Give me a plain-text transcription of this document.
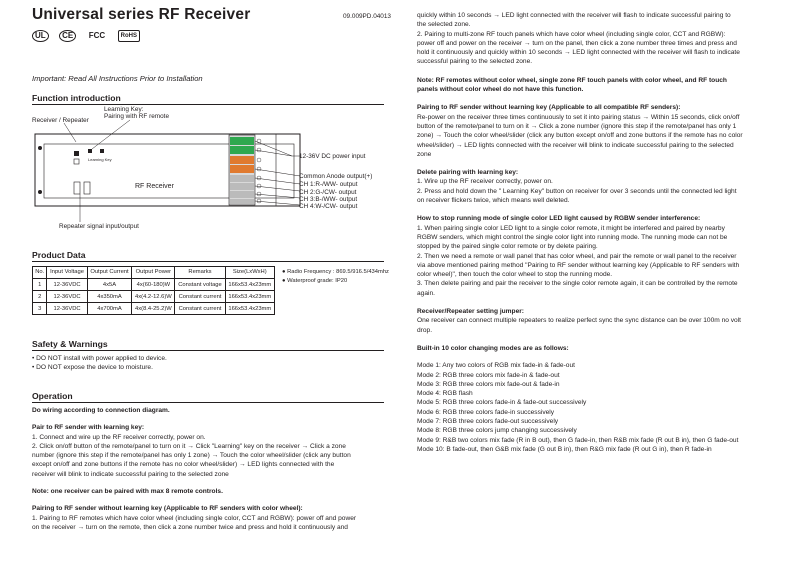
Universal series RF Receiver	09.009PD.04013
UL CE FCC	RoHS
Important: Read All Instructions Prior to Installation
Function introduction
Receiver / Repeater
Learning Key:
Pairing with RF remote
Learning Key
RF Receiver
12-36V DC power input
Common Anode output(+)
CH 1:R-/WW- output
CH 2:G-/CW- output
CH 3:B-/WW- output
CH 4:W-/CW- output
Repeater signal input/output
Product Data
No.	Input Voltage	Output Current	Output Power	Remarks	Size(LxWxH)
1	12-36VDC	4x5A	4x(60-180)W	Constant voltage	166x53.4x23mm
2	12-36VDC	4x350mA	4x(4.2-12.6)W	Constant current	166x53.4x23mm
3	12-36VDC	4x700mA	4x(8.4-25.2)W	Constant current	166x53.4x23mm
● Radio Frequency : 869.5/916.5/434mhz
● Waterproof grade: IP20
Safety & Warnings

• DO NOT install with power applied to device.

• DO NOT expose the device to moisture.

Operation

Do wiring according to connection diagram.

Pair to RF sender with learning key:

1. Connect and wire up the RF receiver correctly, power on.

2. Click on/off button of the remote/panel to turn on it → Click "Learning" key on the receiver → Click a zone

number (ignore this step if the remote/panel has only 1 zone) → Touch the color wheel/slider (click any button

except on/off and zone buttons if the remote has no color wheel/slider) → LED lights connected with the

receiver will blink to indicate successful pairing to the selected zone

Note: one receiver can be paired with max 8 remote controls.

Pairing to RF sender without learning key (Applicable to RF senders with color wheel):

1. Pairing to RF remotes which have color wheel (including single color, CCT and RGBW): power off and power

on the receiver → turn on the remote, then click a zone number twice and press and hold it continuously and

quickly within 10 seconds → LED light connected with the receiver will flash to indicate successful pairing to

the selected zone.

2. Pairing to multi-zone RF touch panels which have color wheel (including single color, CCT and RGBW):

power off and power on the receiver → turn on the panel, then click a zone number three times and press and

hold it continuously and quickly within 10 seconds → LED light connected with the receiver will flash to indicate

successful pairing to the selected zone.

Note: RF remotes without color wheel, single zone RF touch panels with color wheel, and RF touch

panels without color wheel do not have this function.

Pairing to RF sender without learning key (Applicable to all compatible RF senders):

Re-power on the receiver three times continuously to set it into pairing status → Within 15 seconds, click on/off

button of the remote/panel to turn on it → Click a zone number (ignore this step if the remote/panel has only 1

zone) → Touch the color wheel/slider (click any button except on/off and zone buttons if the remote has no color

wheel/slider) → LED lights connected with the receiver will blink to indicate successful pairing to the selected

zone

Delete pairing with learning key:

1. Wire up the RF receiver correctly, power on.

2. Press and hold down the " Learning Key" button on receiver for over 3 seconds until the connected led light

on receiver flickers twice, which means well deleted.

How to stop running mode of single color LED light caused by RGBW sender interference:

1. When pairing single color LED light to a single color remote, it might be interfered and paired by nearby

RGBW senders, which might control the single color light into running mode. The running mode can not be

stopped by the paired single color remote or by delete pairing.

2. Then we need a remote or wall panel that has color wheel, and pair the remote or wall panel to the receiver

via above mentioned pairing method "Pairing to RF sender without learning key (Applicable to RF senders with

color wheel)", then touch the color wheel to stop the running mode.

3. Then delete pairing and pair the receiver to the single color remote again, it can be controlled by the remote

again.

Receiver/Repeater setting jumper:

One receiver can connect multiple repeaters to realize perfect sync the sync distance can be over 100m no volt

drop.

Built-in 10 color changing modes are as follows:

Mode 1: Any two colors of RGB mix fade-in & fade-out

Mode 2: RGB three colors mix fade-in & fade-out

Mode 3: RGB three colors mix fade-out & fade-in

Mode 4: RGB flash

Mode 5: RGB three colors fade-in & fade-out successively

Mode 6: RGB three colors fade-in successively

Mode 7: RGB three colors fade-out successively

Mode 8: RGB three colors jump changing successively

Mode 9: R&B two colors mix fade (R in B out), then G fade-in, then R&B mix fade (R out B in), then G fade-out

Mode 10: B fade-out, then G&B mix fade (G out B in), then R&G mix fade (R out G in), then R fade-in
